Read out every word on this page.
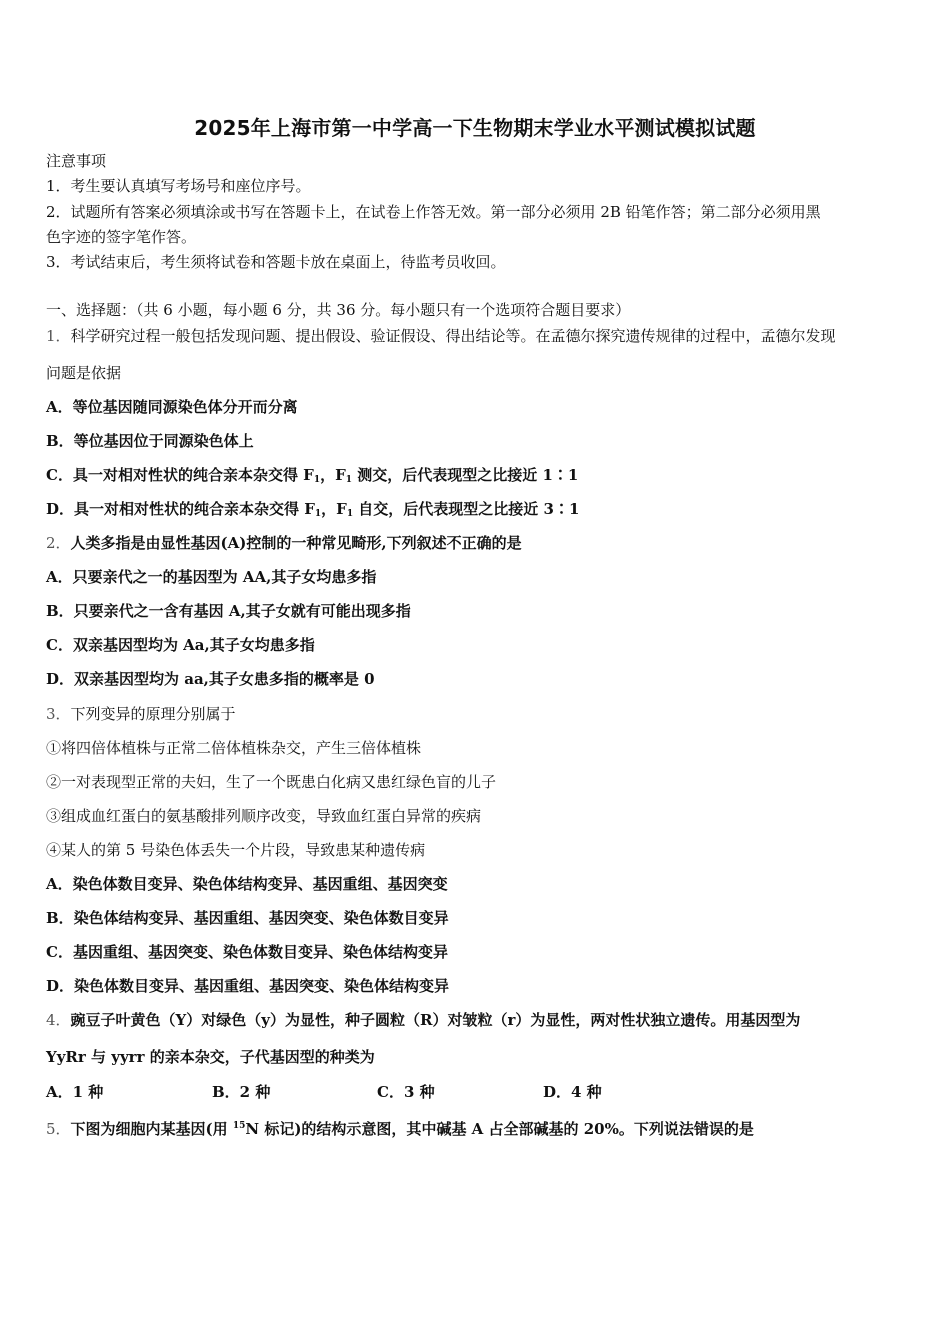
2025年上海市第一中学高一下生物期末学业水平测试模拟试题
注意事项
1．考生要认真填写考场号和座位序号。
2．试题所有答案必须填涂或书写在答题卡上，在试卷上作答无效。第一部分必须用 2B 铅笔作答；第二部分必须用黑
色字迹的签字笔作答。
3．考试结束后，考生须将试卷和答题卡放在桌面上，待监考员收回。
一、选择题：（共 6 小题，每小题 6 分，共 36 分。每小题只有一个选项符合题目要求）
1．科学研究过程一般包括发现问题、提出假设、验证假设、得出结论等。在孟德尔探究遗传规律的过程中，孟德尔发现
问题是依据
A．等位基因随同源染色体分开而分离
B．等位基因位于同源染色体上
C．具一对相对性状的纯合亲本杂交得 $F_1$，$F_1$ 测交，后代表现型之比接近 1∶1
D．具一对相对性状的纯合亲本杂交得 $F_1$，$F_1$ 自交，后代表现型之比接近 3∶1
2．人类多指是由显性基因(A)控制的一种常见畸形,下列叙述不正确的是
A．只要亲代之一的基因型为 AA,其子女均患多指
B．只要亲代之一含有基因 A,其子女就有可能出现多指
C．双亲基因型均为 Aa,其子女均患多指
D．双亲基因型均为 aa,其子女患多指的概率是 0
3．下列变异的原理分别属于
①将四倍体植株与正常二倍体植株杂交，产生三倍体植株
②一对表现型正常的夫妇，生了一个既患白化病又患红绿色盲的儿子
③组成血红蛋白的氨基酸排列顺序改变，导致血红蛋白异常的疾病
④某人的第 5 号染色体丢失一个片段，导致患某种遗传病
A．染色体数目变异、染色体结构变异、基因重组、基因突变
B．染色体结构变异、基因重组、基因突变、染色体数目变异
C．基因重组、基因突变、染色体数目变异、染色体结构变异
D．染色体数目变异、基因重组、基因突变、染色体结构变异
4．豌豆子叶黄色（Y）对绿色（y）为显性，种子圆粒（R）对皱粒（r）为显性，两对性状独立遗传。用基因型为
YyRr 与 yyrr 的亲本杂交，子代基因型的种类为
A．1 种	B．2 种	C．3 种	D．4 种
5．下图为细胞内某基因(用 $^{15}$N 标记)的结构示意图，其中碱基 A 占全部碱基的 20%。下列说法错误的是
